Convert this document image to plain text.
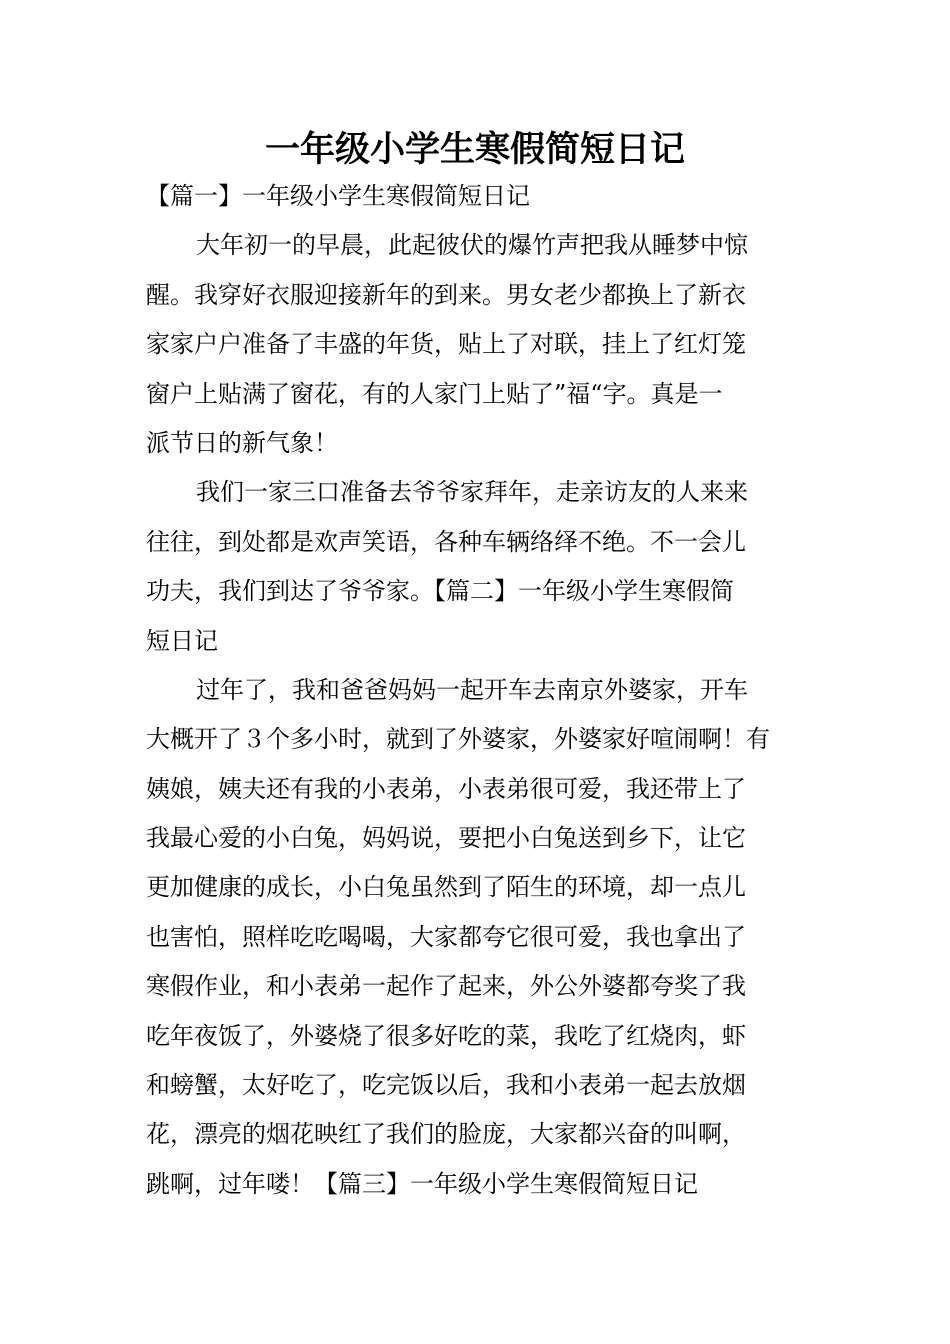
一年级小学生寒假简短日记
【篇一】一年级小学生寒假简短日记
大年初一的早晨，此起彼伏的爆竹声把我从睡梦中惊
醒。我穿好衣服迎接新年的到来。男女老少都换上了新衣
家家户户准备了丰盛的年货，贴上了对联，挂上了红灯笼
窗户上贴满了窗花，有的人家门上贴了”福“字。真是一
派节日的新气象！
我们一家三口准备去爷爷家拜年，走亲访友的人来来
往往，到处都是欢声笑语，各种车辆络绎不绝。不一会儿
功夫，我们到达了爷爷家。【篇二】一年级小学生寒假简
短日记
过年了，我和爸爸妈妈一起开车去南京外婆家，开车
大概开了３个多小时，就到了外婆家，外婆家好喧闹啊！有
姨娘，姨夫还有我的小表弟，小表弟很可爱，我还带上了
我最心爱的小白兔，妈妈说，要把小白兔送到乡下，让它
更加健康的成长，小白兔虽然到了陌生的环境，却一点儿
也害怕，照样吃吃喝喝，大家都夸它很可爱，我也拿出了
寒假作业，和小表弟一起作了起来，外公外婆都夸奖了我
吃年夜饭了，外婆烧了很多好吃的菜，我吃了红烧肉，虾
和螃蟹，太好吃了，吃完饭以后，我和小表弟一起去放烟
花，漂亮的烟花映红了我们的脸庞，大家都兴奋的叫啊，
跳啊，过年喽！【篇三】一年级小学生寒假简短日记
